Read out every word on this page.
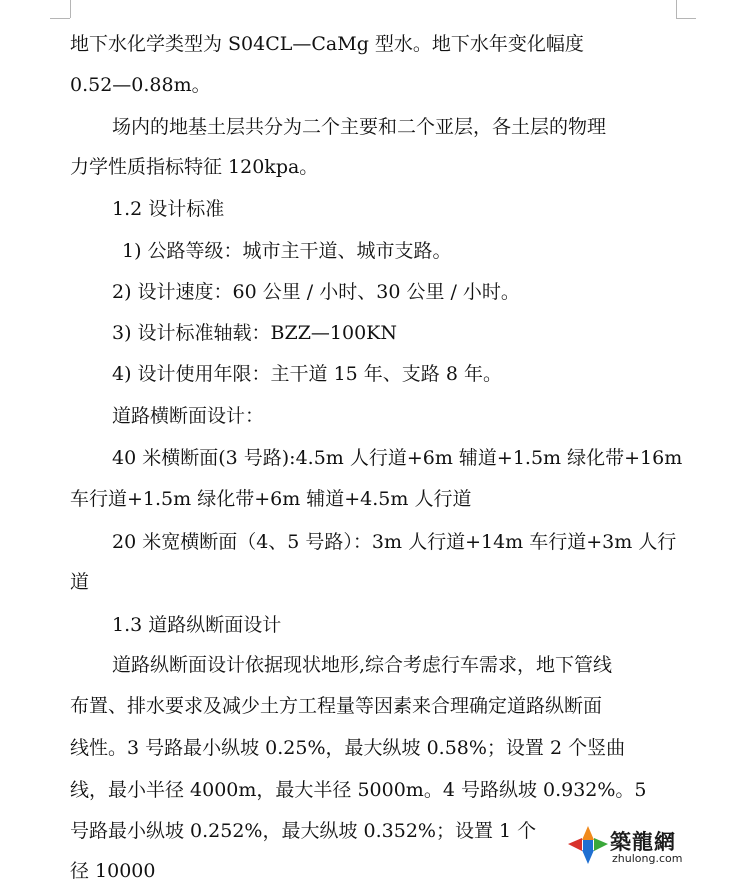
地下水化学类型为 S04CL—CaMg 型水。地下水年变化幅度
0.52—0.88m。
场内的地基土层共分为二个主要和二个亚层，各土层的物理
力学性质指标特征 120kpa。
1.2 设计标准
1) 公路等级：城市主干道、城市支路。
2) 设计速度：60 公里 / 小时、30 公里 / 小时。
3) 设计标准轴载：BZZ—100KN
4) 设计使用年限：主干道 15 年、支路 8 年。
道路横断面设计：
40 米横断面(3 号路):4.5m 人行道+6m 辅道+1.5m 绿化带+16m
车行道+1.5m 绿化带+6m 辅道+4.5m 人行道
20 米宽横断面（4、5 号路）：3m 人行道+14m 车行道+3m 人行
道
1.3 道路纵断面设计
道路纵断面设计依据现状地形,综合考虑行车需求，地下管线
布置、排水要求及减少土方工程量等因素来合理确定道路纵断面
线性。3 号路最小纵坡 0.25%，最大纵坡 0.58%；设置 2 个竖曲
线，最小半径 4000m，最大半径 5000m。4 号路纵坡 0.932%。5
号路最小纵坡 0.252%，最大纵坡 0.352%；设置 1 个
径 10000
築龍網
zhulong.com
